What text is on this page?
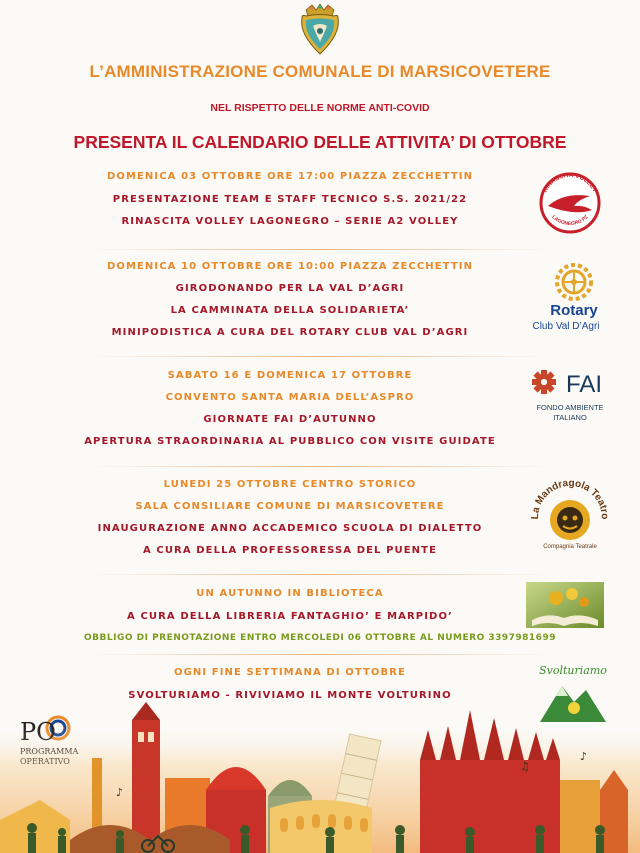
L’AMMINISTRAZIONE COMUNALE DI MARSICOVETERE
NEL RISPETTO DELLE NORME ANTI-COVID
PRESENTA IL CALENDARIO DELLE ATTIVITA’ DI OTTOBRE
DOMENICA 03 OTTOBRE ORE 17:00 PIAZZA ZECCHETTIN
PRESENTAZIONE TEAM E STAFF TECNICO S.S. 2021/22
RINASCITA VOLLEY LAGONEGRO – SERIE A2 VOLLEY
RINASCITA VOLLEY
LAGONEGRO PZ
DOMENICA 10 OTTOBRE ORE 10:00 PIAZZA ZECCHETTIN
GIRODONANDO PER LA VAL D’AGRI
LA CAMMINATA DELLA SOLIDARIETA’
MINIPODISTICA A CURA DEL ROTARY CLUB VAL D’AGRI
Rotary
Club Val D’Agri
SABATO 16 E DOMENICA 17 OTTOBRE
CONVENTO SANTA MARIA DELL’ASPRO
GIORNATE FAI D’AUTUNNO
APERTURA STRAORDINARIA AL PUBBLICO CON VISITE GUIDATE
FAI
FONDO AMBIENTE
ITALIANO
LUNEDI 25 OTTOBRE CENTRO STORICO
SALA CONSILIARE COMUNE DI MARSICOVETERE
INAUGURAZIONE ANNO ACCADEMICO SCUOLA DI DIALETTO
A CURA DELLA PROFESSORESSA DEL PUENTE
La Mandragola Teatro
Compagnia Teatrale
UN AUTUNNO IN BIBLIOTECA
A CURA DELLA LIBRERIA FANTAGHIO’ E MARPIDO’
OBBLIGO DI PRENOTAZIONE ENTRO MERCOLEDI 06 OTTOBRE AL NUMERO 3397981699
OGNI FINE SETTIMANA DI OTTOBRE
SVOLTURIAMO - RIVIVIAMO IL MONTE VOLTURINO
Svolturiamo
♪
♪
♫
